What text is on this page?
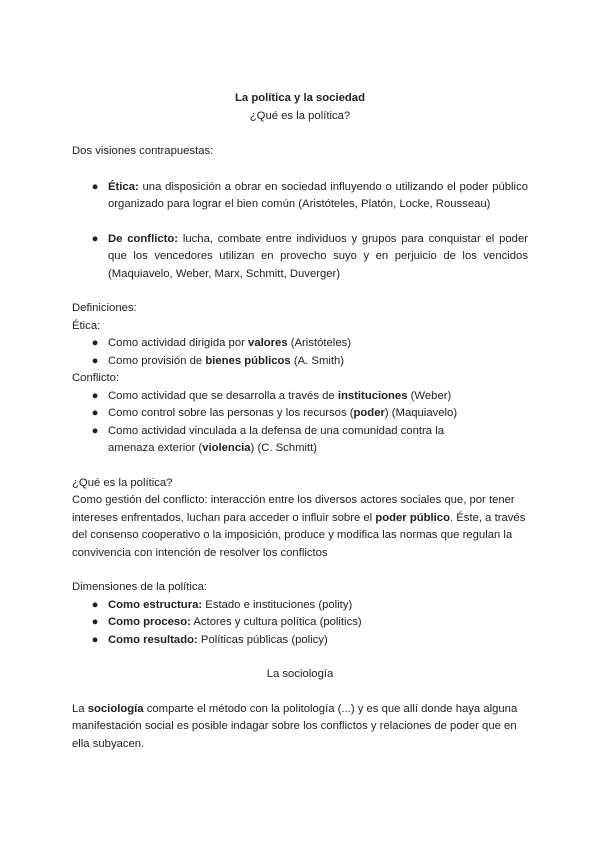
La política y la sociedad

¿Qué es la política?

Dos visiones contrapuestas:

● Ética: una disposición a obrar en sociedad influyendo o utilizando el poder público organizado para lograr el bien común (Aristóteles, Platón, Locke, Rousseau)

● De conflicto: lucha, combate entre individuos y grupos para conquistar el poder que los vencedores utilizan en provecho suyo y en perjuicio de los vencidos (Maquiavelo, Weber, Marx, Schmitt, Duverger)

Definiciones:

Ética:

● Como actividad dirigida por valores (Aristóteles)
● Como provisión de bienes públicos (A. Smith)

Conflicto:

● Como actividad que se desarrolla a través de instituciones (Weber)
● Como control sobre las personas y los recursos (poder) (Maquiavelo)
● Como actividad vinculada a la defensa de una comunidad contra la amenaza exterior (violencia) (C. Schmitt)

¿Qué es la política?

Como gestión del conflicto: interacción entre los diversos actores sociales que, por tener intereses enfrentados, luchan para acceder o influir sobre el poder público. Éste, a través del consenso cooperativo o la imposición, produce y modifica las normas que regulan la convivencia con intención de resolver los conflictos

Dimensiones de la política:

● Como estructura: Estado e instituciones (polity)
● Como proceso: Actores y cultura política (politics)
● Como resultado: Políticas públicas (policy)

La sociología

La sociología comparte el método con la politología (...) y es que allí donde haya alguna manifestación social es posible indagar sobre los conflictos y relaciones de poder que en ella subyacen.
